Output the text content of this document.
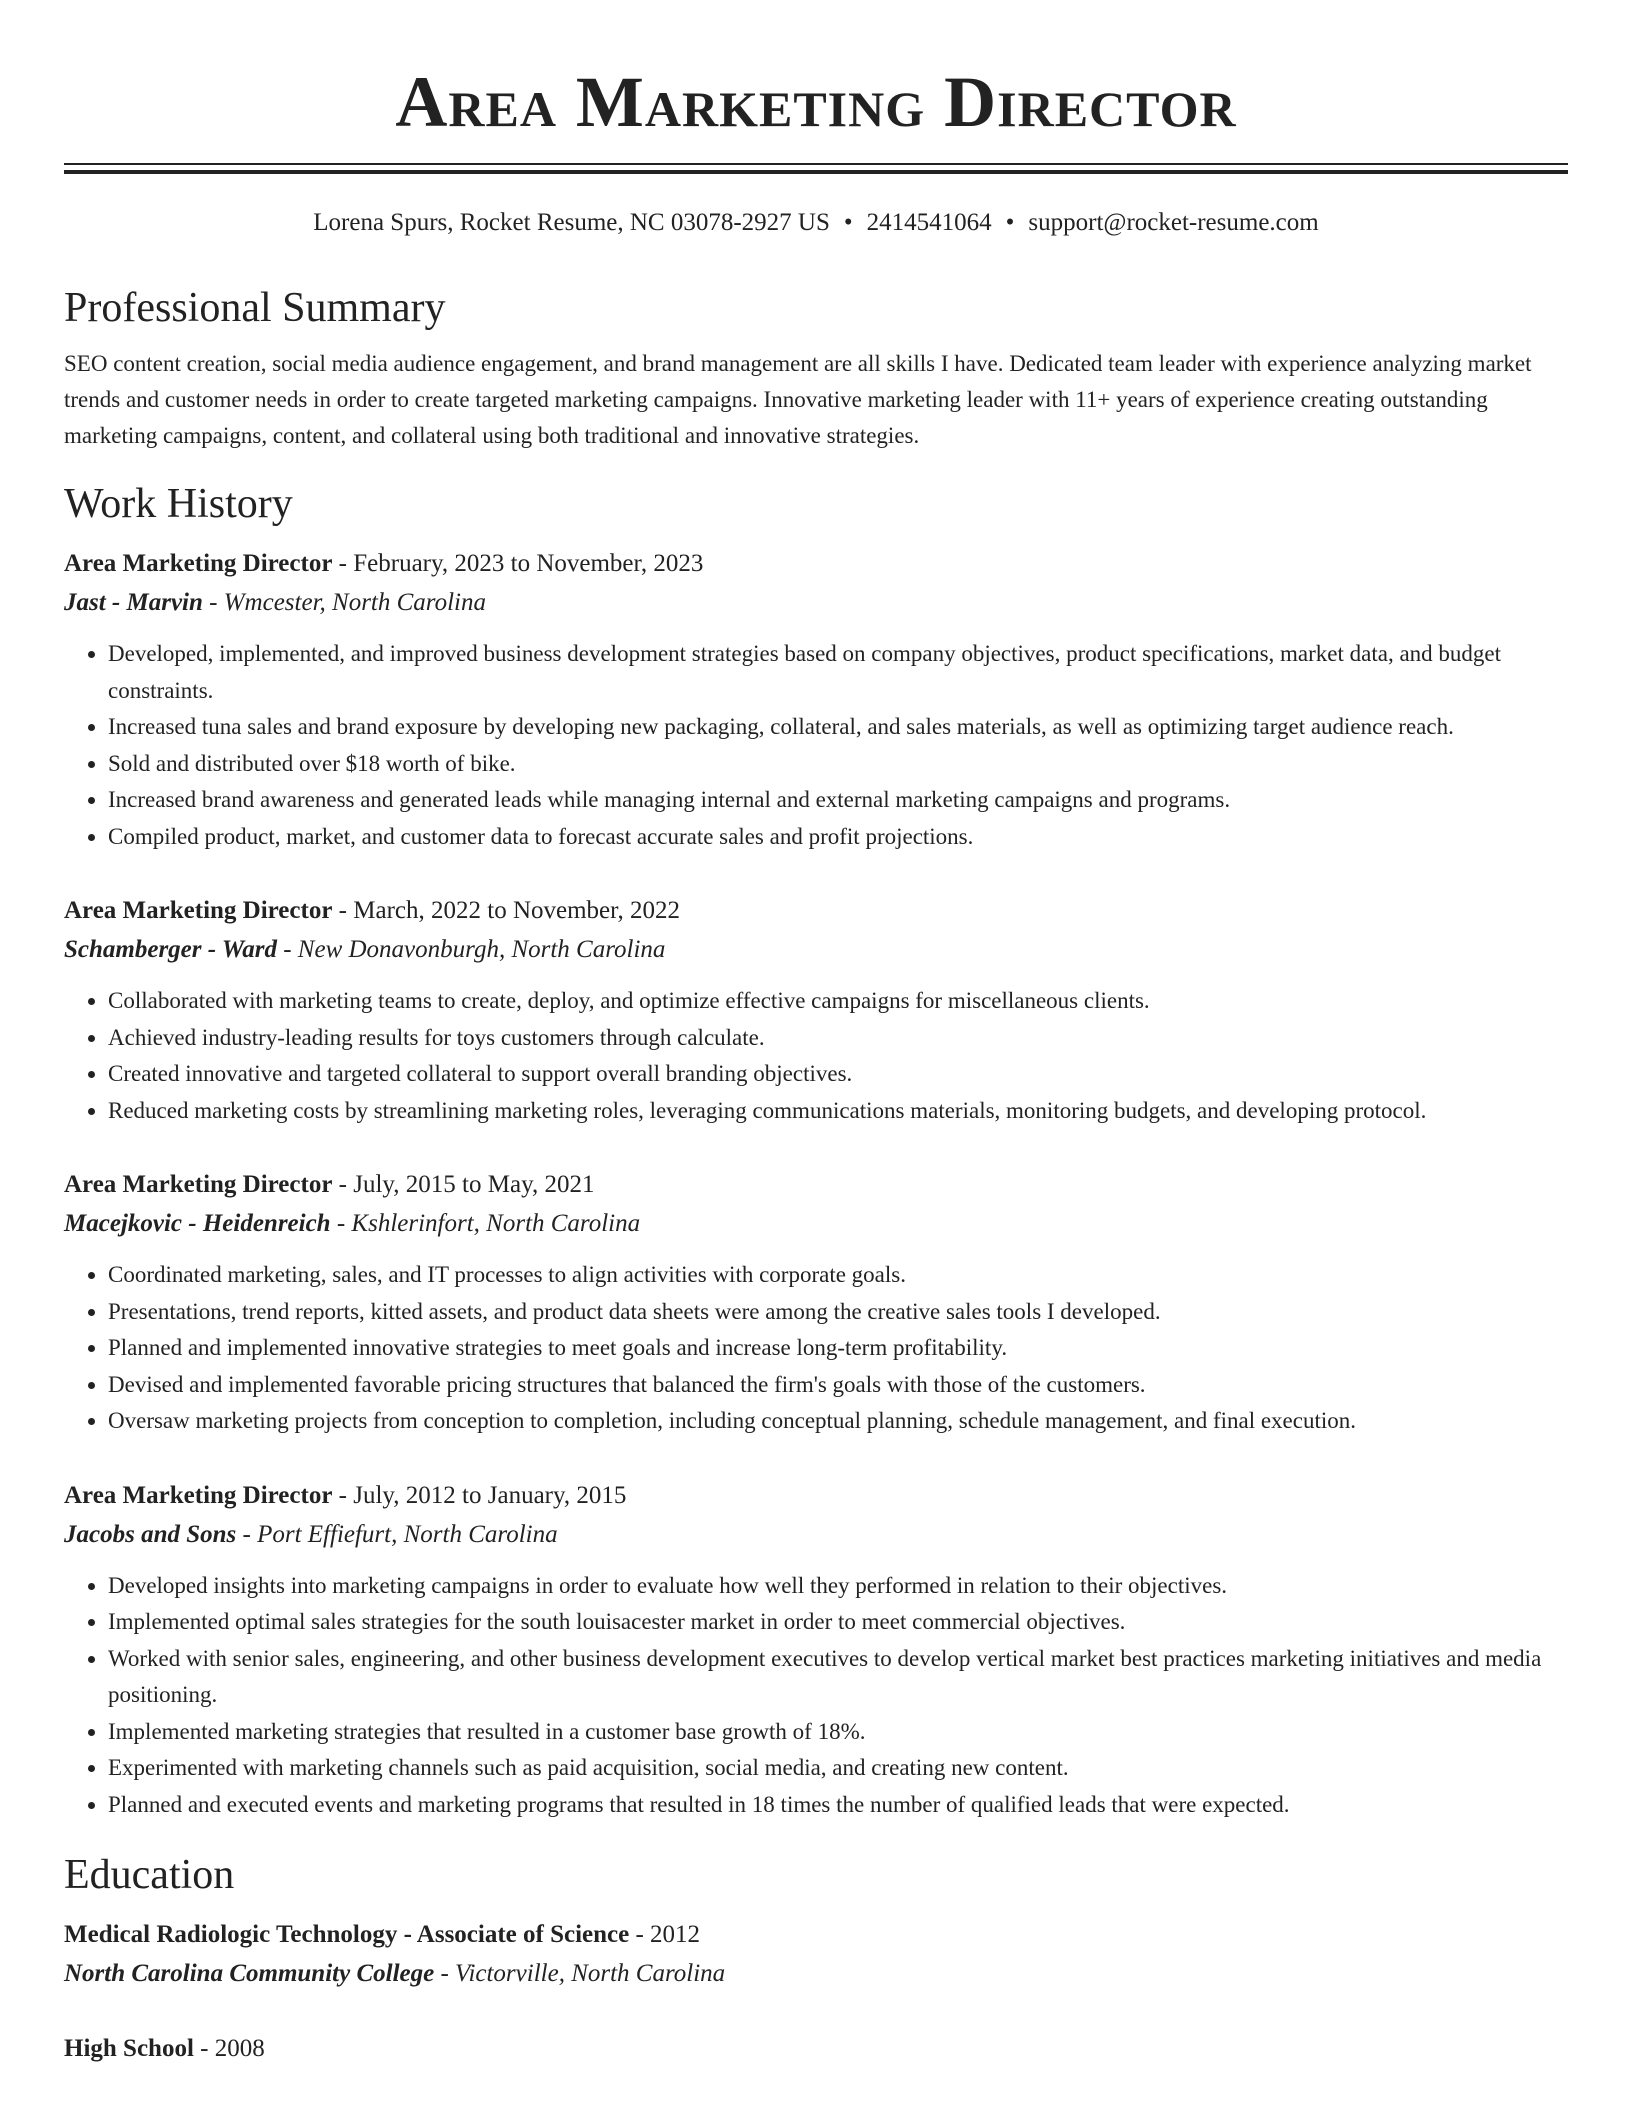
Area Marketing Director
Lorena Spurs, Rocket Resume, NC 03078-2927 US • 2414541064 • support@rocket-resume.com
Professional Summary

SEO content creation, social media audience engagement, and brand management are all skills I have. Dedicated team leader with experience analyzing market trends and customer needs in order to create targeted marketing campaigns. Innovative marketing leader with 11+ years of experience creating outstanding marketing campaigns, content, and collateral using both traditional and innovative strategies.

Work History
Area Marketing Director - February, 2023 to November, 2023
Jast - Marvin - Wmcester, North Carolina
• Developed, implemented, and improved business development strategies based on company objectives, product specifications, market data, and budget constraints.
• Increased tuna sales and brand exposure by developing new packaging, collateral, and sales materials, as well as optimizing target audience reach.
• Sold and distributed over $18 worth of bike.
• Increased brand awareness and generated leads while managing internal and external marketing campaigns and programs.
• Compiled product, market, and customer data to forecast accurate sales and profit projections.
Area Marketing Director - March, 2022 to November, 2022
Schamberger - Ward - New Donavonburgh, North Carolina
• Collaborated with marketing teams to create, deploy, and optimize effective campaigns for miscellaneous clients.
• Achieved industry-leading results for toys customers through calculate.
• Created innovative and targeted collateral to support overall branding objectives.
• Reduced marketing costs by streamlining marketing roles, leveraging communications materials, monitoring budgets, and developing protocol.
Area Marketing Director - July, 2015 to May, 2021
Macejkovic - Heidenreich - Kshlerinfort, North Carolina
• Coordinated marketing, sales, and IT processes to align activities with corporate goals.
• Presentations, trend reports, kitted assets, and product data sheets were among the creative sales tools I developed.
• Planned and implemented innovative strategies to meet goals and increase long-term profitability.
• Devised and implemented favorable pricing structures that balanced the firm's goals with those of the customers.
• Oversaw marketing projects from conception to completion, including conceptual planning, schedule management, and final execution.
Area Marketing Director - July, 2012 to January, 2015
Jacobs and Sons - Port Effiefurt, North Carolina
• Developed insights into marketing campaigns in order to evaluate how well they performed in relation to their objectives.
• Implemented optimal sales strategies for the south louisacester market in order to meet commercial objectives.
• Worked with senior sales, engineering, and other business development executives to develop vertical market best practices marketing initiatives and media positioning.
• Implemented marketing strategies that resulted in a customer base growth of 18%.
• Experimented with marketing channels such as paid acquisition, social media, and creating new content.
• Planned and executed events and marketing programs that resulted in 18 times the number of qualified leads that were expected.
Education
Medical Radiologic Technology - Associate of Science - 2012
North Carolina Community College - Victorville, North Carolina
High School - 2008
